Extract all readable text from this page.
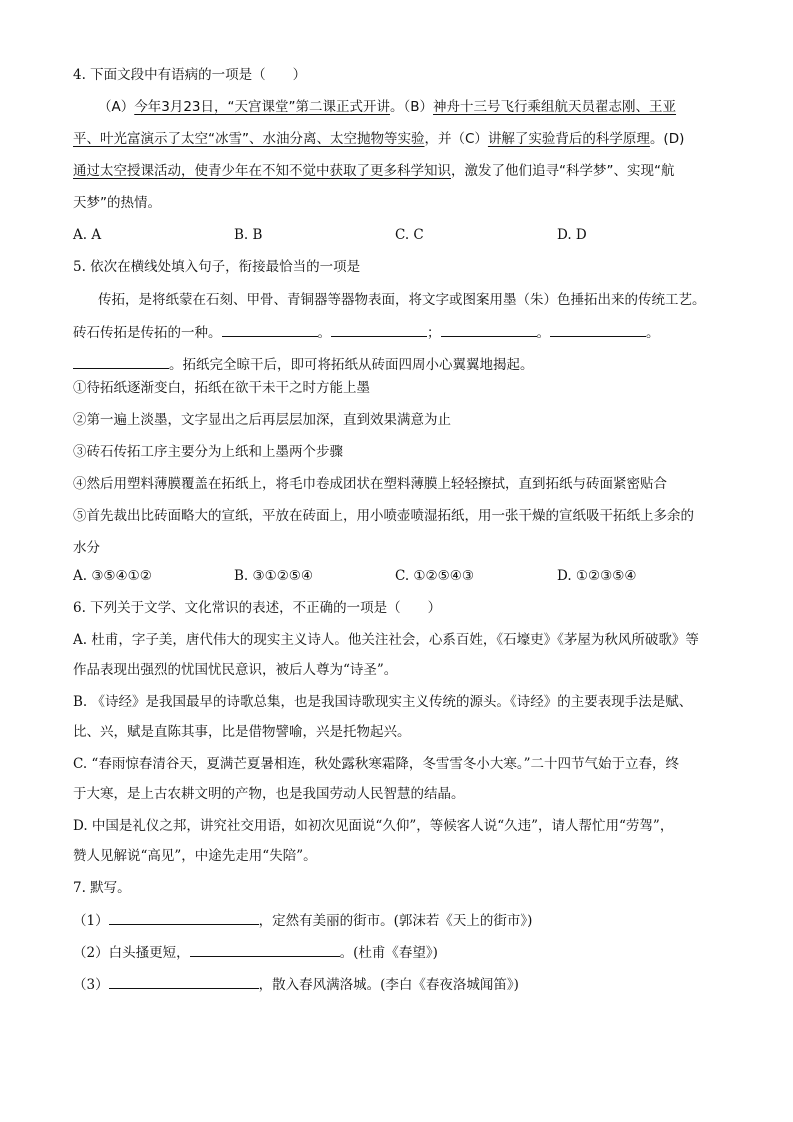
4. 下面文段中有语病的一项是（　　）
（A）今年3月23日，“天宫课堂”第二课正式开讲。（B）神舟十三号飞行乘组航天员翟志刚、王亚
平、叶光富演示了太空“冰雪”、水油分离、太空抛物等实验，并（C）讲解了实验背后的科学原理。(D)
通过太空授课活动，使青少年在不知不觉中获取了更多科学知识，激发了他们追寻“科学梦”、实现“航
天梦”的热情。
A. A	B. B	C. C	D. D
5. 依次在横线处填入句子，衔接最恰当的一项是
传拓，是将纸蒙在石刻、甲骨、青铜器等器物表面，将文字或图案用墨（朱）色捶拓出来的传统工艺。
砖石传拓是传拓的一种。	。	；	。	。
。拓纸完全晾干后，即可将拓纸从砖面四周小心翼翼地揭起。
①待拓纸逐渐变白，拓纸在欲干未干之时方能上墨
②第一遍上淡墨，文字显出之后再层层加深，直到效果满意为止
③砖石传拓工序主要分为上纸和上墨两个步骤
④然后用塑料薄膜覆盖在拓纸上，将毛巾卷成团状在塑料薄膜上轻轻擦拭，直到拓纸与砖面紧密贴合
⑤首先裁出比砖面略大的宣纸，平放在砖面上，用小喷壶喷湿拓纸，用一张干燥的宣纸吸干拓纸上多余的
水分
A. ③⑤④①②	B. ③①②⑤④	C. ①②⑤④③	D. ①②③⑤④
6. 下列关于文学、文化常识的表述，不正确的一项是（　　）
A. 杜甫，字子美，唐代伟大的现实主义诗人。他关注社会，心系百姓，《石壕吏》《茅屋为秋风所破歌》等
作品表现出强烈的忧国忧民意识，被后人尊为“诗圣”。
B. 《诗经》是我国最早的诗歌总集，也是我国诗歌现实主义传统的源头。《诗经》的主要表现手法是赋、
比、兴，赋是直陈其事，比是借物譬喻，兴是托物起兴。
C. “春雨惊春清谷天，夏满芒夏暑相连，秋处露秋寒霜降，冬雪雪冬小大寒。”二十四节气始于立春，终
于大寒，是上古农耕文明的产物，也是我国劳动人民智慧的结晶。
D. 中国是礼仪之邦，讲究社交用语，如初次见面说“久仰”，等候客人说“久违”，请人帮忙用“劳驾”，
赞人见解说“高见”，中途先走用“失陪”。
7. 默写。
（1）	，定然有美丽的街市。(郭沫若《天上的街市》)
（2）白头搔更短，	。(杜甫《春望》)
（3）	，散入春风满洛城。(李白《春夜洛城闻笛》)
